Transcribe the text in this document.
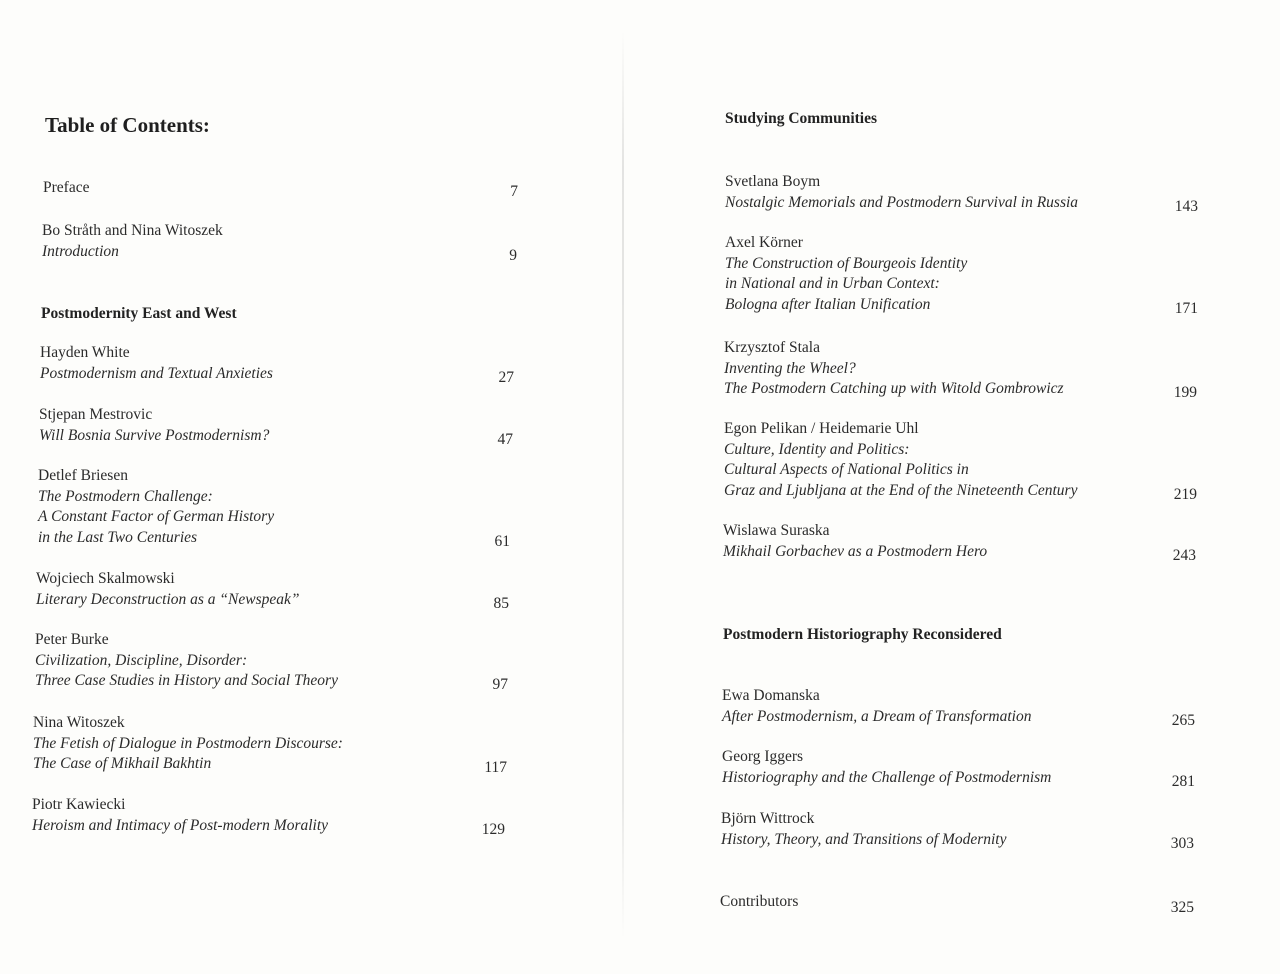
Table of Contents:
Preface	7
Bo Stråth and Nina Witoszek
Introduction	9
Postmodernity East and West
Hayden White
Postmodernism and Textual Anxieties	27
Stjepan Mestrovic
Will Bosnia Survive Postmodernism?	47
Detlef Briesen
The Postmodern Challenge:
A Constant Factor of German History
in the Last Two Centuries	61
Wojciech Skalmowski
Literary Deconstruction as a “Newspeak”	85
Peter Burke
Civilization, Discipline, Disorder:
Three Case Studies in History and Social Theory	97
Nina Witoszek
The Fetish of Dialogue in Postmodern Discourse:
The Case of Mikhail Bakhtin	117
Piotr Kawiecki
Heroism and Intimacy of Post-modern Morality	129
Studying Communities
Svetlana Boym
Nostalgic Memorials and Postmodern Survival in Russia	143
Axel Körner
The Construction of Bourgeois Identity
in National and in Urban Context:
Bologna after Italian Unification	171
Krzysztof Stala
Inventing the Wheel?
The Postmodern Catching up with Witold Gombrowicz	199
Egon Pelikan / Heidemarie Uhl
Culture, Identity and Politics:
Cultural Aspects of National Politics in
Graz and Ljubljana at the End of the Nineteenth Century	219
Wislawa Suraska
Mikhail Gorbachev as a Postmodern Hero	243
Postmodern Historiography Reconsidered
Ewa Domanska
After Postmodernism, a Dream of Transformation	265
Georg Iggers
Historiography and the Challenge of Postmodernism	281
Björn Wittrock
History, Theory, and Transitions of Modernity	303
Contributors	325
